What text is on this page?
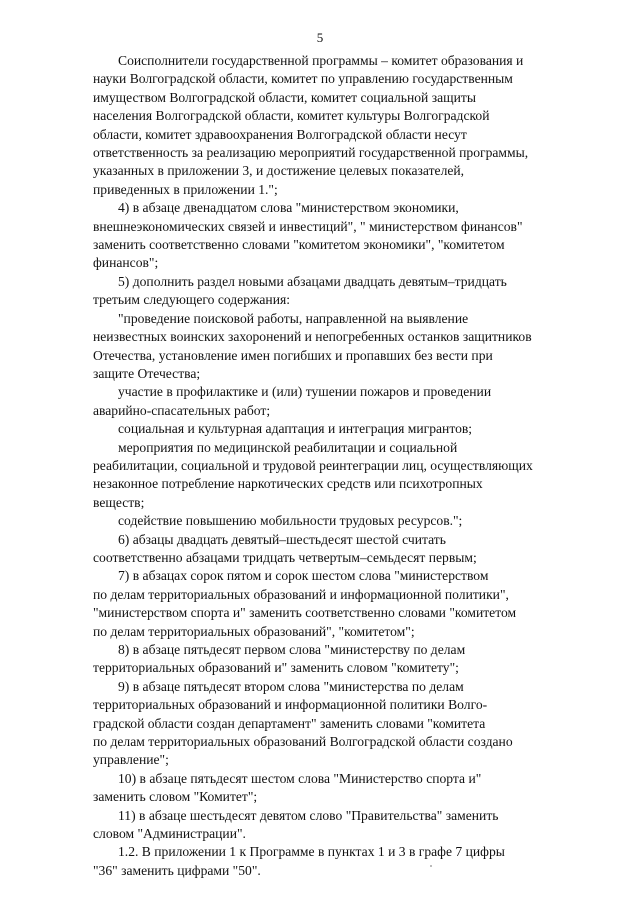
5

Соисполнители государственной программы – комитет образования и
науки Волгоградской области, комитет по управлению государственным
имуществом Волгоградской области, комитет социальной защиты
населения Волгоградской области, комитет культуры Волгоградской
области, комитет здравоохранения Волгоградской области несут
ответственность за реализацию мероприятий государственной программы,
указанных в приложении 3, и достижение целевых показателей,
приведенных в приложении 1.";

4) в абзаце двенадцатом слова "министерством экономики,
внешнеэкономических связей и инвестиций", " министерством финансов"
заменить соответственно словами "комитетом экономики", "комитетом
финансов";

5) дополнить раздел новыми абзацами двадцать девятым–тридцать
третьим следующего содержания:

"проведение поисковой работы, направленной на выявление
неизвестных воинских захоронений и непогребенных останков защитников
Отечества, установление имен погибших и пропавших без вести при
защите Отечества;

участие в профилактике и (или) тушении пожаров и проведении
аварийно-спасательных работ;

социальная и культурная адаптация и интеграция мигрантов;

мероприятия по медицинской реабилитации и социальной
реабилитации, социальной и трудовой реинтеграции лиц, осуществляющих
незаконное потребление наркотических средств или психотропных
веществ;

содействие повышению мобильности трудовых ресурсов.";

6) абзацы двадцать девятый–шестьдесят шестой считать
соответственно абзацами тридцать четвертым–семьдесят первым;

7) в абзацах сорок пятом и сорок шестом слова "министерством
по делам территориальных образований и информационной политики",
"министерством спорта и" заменить соответственно словами "комитетом
по делам территориальных образований", "комитетом";

8) в абзаце пятьдесят первом слова "министерству по делам
территориальных образований и" заменить словом "комитету";

9) в абзаце пятьдесят втором слова "министерства по делам
территориальных образований и информационной политики Волго-
градской области создан департамент" заменить словами "комитета
по делам территориальных образований Волгоградской области создано
управление";

10) в абзаце пятьдесят шестом слова "Министерство спорта и"
заменить словом "Комитет";

11) в абзаце шестьдесят девятом слово "Правительства" заменить
словом "Администрации".

1.2. В приложении 1 к Программе в пунктах 1 и 3 в графе 7 цифры
"36" заменить цифрами "50".
